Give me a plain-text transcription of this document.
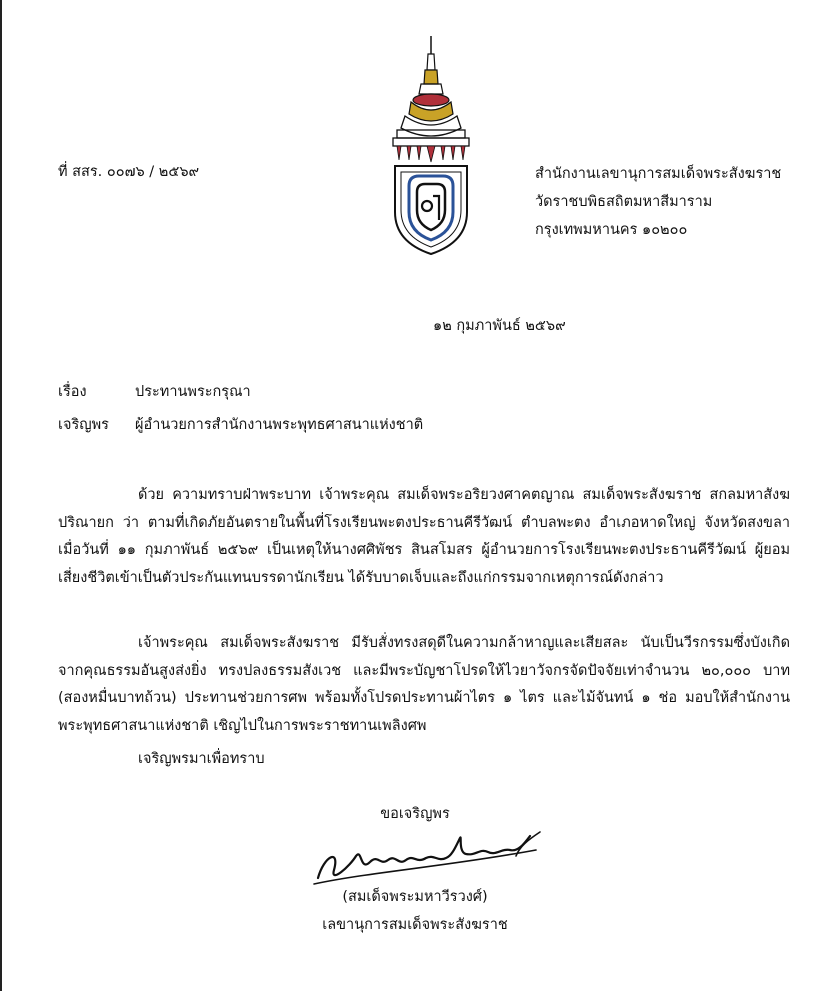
ที่ สสร. ๐๐๗๖ / ๒๕๖๙	สำนักงานเลขานุการสมเด็จพระสังฆราช
วัดราชบพิธสถิตมหาสีมาราม
กรุงเทพมหานคร ๑๐๒๐๐
๑๒ กุมภาพันธ์ ๒๕๖๙
เรื่อง	ประทานพระกรุณา
เจริญพร ผู้อำนวยการสำนักงานพระพุทธศาสนาแห่งชาติ

ด้วย ความทราบฝ่าพระบาท เจ้าพระคุณ สมเด็จพระอริยวงศาคตญาณ สมเด็จพระสังฆราช สกลมหาสังฆปริณายก ว่า ตามที่เกิดภัยอันตรายในพื้นที่โรงเรียนพะตงประธานคีรีวัฒน์ ตำบลพะตง อำเภอหาดใหญ่ จังหวัดสงขลา เมื่อวันที่ ๑๑ กุมภาพันธ์ ๒๕๖๙ เป็นเหตุให้นางศศิพัชร สินสโมสร ผู้อำนวยการโรงเรียนพะตงประธานคีรีวัฒน์ ผู้ยอมเสี่ยงชีวิตเข้าเป็นตัวประกันแทนบรรดานักเรียน ได้รับบาดเจ็บและถึงแก่กรรมจากเหตุการณ์ดังกล่าว

เจ้าพระคุณ สมเด็จพระสังฆราช มีรับสั่งทรงสดุดีในความกล้าหาญและเสียสละ นับเป็นวีรกรรมซึ่งบังเกิดจากคุณธรรมอันสูงส่งยิ่ง ทรงปลงธรรมสังเวช และมีพระบัญชาโปรดให้ไวยาวัจกรจัดปัจจัยเท่าจำนวน ๒๐,๐๐๐ บาท (สองหมื่นบาทถ้วน) ประทานช่วยการศพ พร้อมทั้งโปรดประทานผ้าไตร ๑ ไตร และไม้จันทน์ ๑ ช่อ มอบให้สำนักงานพระพุทธศาสนาแห่งชาติ เชิญไปในการพระราชทานเพลิงศพ

เจริญพรมาเพื่อทราบ
ขอเจริญพร
(สมเด็จพระมหาวีรวงศ์)
เลขานุการสมเด็จพระสังฆราช
